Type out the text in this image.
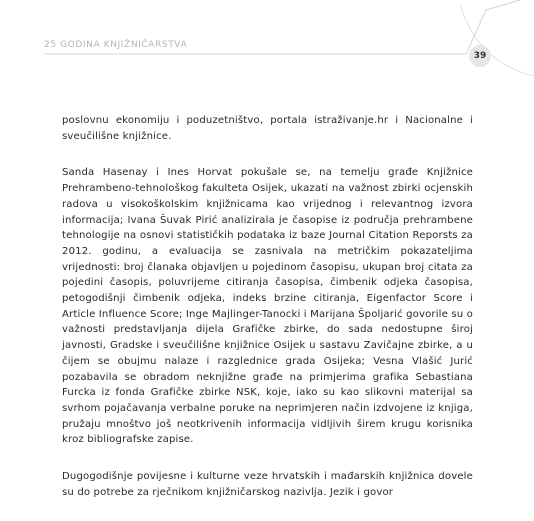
25 GODINA KNJIŽNIČARSTVA
39

poslovnu ekonomiju i poduzetništvo, portala istraživanje.hr i Nacionalne i sveučilišne knjižnice.

Sanda Hasenay i Ines Horvat pokušale se, na temelju građe Knjižnice Prehrambeno-tehnološkog fakulteta Osijek, ukazati na važnost zbirki ocjenskih radova u visokoškolskim knjižnicama kao vrijednog i relevantnog izvora informacija; Ivana Šuvak Pirić analizirala je časopise iz područja prehrambene tehnologije na osnovi statističkih podataka iz baze Journal Citation Reporsts za 2012. godinu, a evaluacija se zasnivala na metričkim pokazateljima vrijednosti: broj članaka objavljen u pojedinom časopisu, ukupan broj citata za pojedini časopis, poluvrijeme citiranja časopisa, čimbenik odjeka časopisa, petogodišnji čimbenik odjeka, indeks brzine citiranja, Eigenfactor Score i Article Influence Score; Inge Majlinger-Tanocki i Marijana Špoljarić govorile su o važnosti predstavljanja dijela Grafičke zbirke, do sada nedostupne široj javnosti, Gradske i sveučilišne knjižnice Osijek u sastavu Zavičajne zbirke, a u čijem se obujmu nalaze i razglednice grada Osijeka; Vesna Vlašić Jurić pozabavila se obradom neknjižne građe na primjerima grafika Sebastiana Furcka iz fonda Grafičke zbirke NSK, koje, iako su kao slikovni materijal sa svrhom pojačavanja verbalne poruke na neprimjeren način izdvojene iz knjiga, pružaju mnoštvo još neotkrivenih informacija vidljivih širem krugu korisnika kroz bibliografske zapise.

Dugogodišnje povijesne i kulturne veze hrvatskih i mađarskih knjižnica dovele su do potrebe za rječnikom knjižničarskog nazivlja. Jezik i govor
